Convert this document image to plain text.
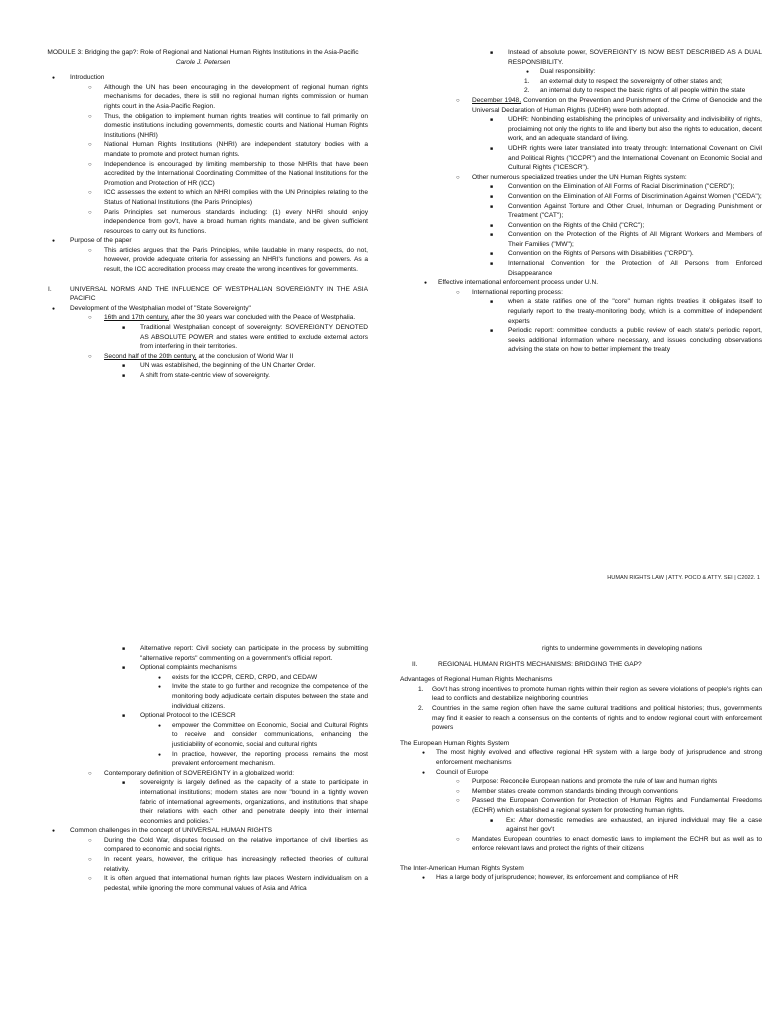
MODULE 3: Bridging the gap?: Role of Regional and National Human Rights Institutions in the Asia-Pacific
Carole J. Petersen
●
Introduction
○
Although the UN has been encouraging in the development of regional human rights mechanisms for decades, there is still no regional human rights commission or human rights court in the Asia-Pacific Region.
○
Thus, the obligation to implement human rights treaties will continue to fall primarily on domestic institutions including governments, domestic courts and National Human Rights Institutions (NHRI)
○
National Human Rights Institutions (NHRI) are independent statutory bodies with a mandate to promote and protect human rights.
○
Independence is encouraged by limiting membership to those NHRIs that have been accredited by the International Coordinating Committee of the National Institutions for the Promotion and Protection of HR (ICC)
○
ICC assesses the extent to which an NHRI complies with the UN Principles relating to the Status of National Institutions (the Paris Principles)
○
Paris Principles set numerous standards including: (1) every NHRI should enjoy independence from gov't, have a broad human rights mandate, and be given sufficient resources to carry out its functions.
●
Purpose of the paper
○
This articles argues that the Paris Principles, while laudable in many respects, do not, however, provide adequate criteria for assessing an NHRI's functions and powers. As a result, the ICC accreditation process may create the wrong incentives for governments.
I.	UNIVERSAL NORMS AND THE INFLUENCE OF WESTPHALIAN SOVEREIGNTY IN THE ASIA PACIFIC
●
Development of the Westphalian model of "State Sovereignty"
○
16th and 17th century, after the 30 years war concluded with the Peace of Westphalia.
■
Traditional Westphalian concept of sovereignty: SOVEREIGNTY DENOTED AS ABSOLUTE POWER and states were entitled to exclude external actors from interfering in their territories.
○
Second half of the 20th century, at the conclusion of World War II
■
UN was established, the beginning of the UN Charter Order.
■
A shift from state-centric view of sovereignty.
■
Instead of absolute power, SOVEREIGNTY IS NOW BEST DESCRIBED AS A DUAL RESPONSIBILITY.
●
Dual responsibility:
1. an external duty to respect the sovereignty of other states and;
2. an internal duty to respect the basic rights of all people within the state
○
December 1948, Convention on the Prevention and Punishment of the Crime of Genocide and the Universal Declaration of Human Rights (UDHR) were both adopted.
■
UDHR: Nonbinding establishing the principles of universality and indivisibility of rights, proclaiming not only the rights to life and liberty but also the rights to education, decent work, and an adequate standard of living.
■
UDHR rights were later translated into treaty through: International Covenant on Civil and Political Rights ("ICCPR") and the International Covenant on Economic Social and Cultural Rights ("ICESCR").
○
Other numerous specialized treaties under the UN Human Rights system:
■
Convention on the Elimination of All Forms of Racial Discrimination ("CERD");
■
Convention on the Elimination of All Forms of Discrimination Against Women ("CEDA");
■
Convention Against Torture and Other Cruel, Inhuman or Degrading Punishment or Treatment ("CAT");
■
Convention on the Rights of the Child ("CRC");
■
Convention on the Protection of the Rights of All Migrant Workers and Members of Their Families ("MW");
■
Convention on the Rights of Persons with Disabilities ("CRPD").
■
International Convention for the Protection of All Persons from Enforced Disappearance
●
Effective international enforcement process under U.N.
○
International reporting process:
■
when a state ratifies one of the "core" human rights treaties it obligates itself to regularly report to the treaty-monitoring body, which is a committee of independent experts
■
Periodic report: committee conducts a public review of each state's periodic report, seeks additional information where necessary, and issues concluding observations advising the state on how to better implement the treaty
HUMAN RIGHTS LAW | ATTY. POCO & ATTY. SEI | C2022. 1
■
Alternative report: Civil society can participate in the process by submitting "alternative reports" commenting on a government's official report.
■
Optional complaints mechanisms
●
exists for the ICCPR, CERD, CRPD, and CEDAW
●
Invite the state to go further and recognize the competence of the monitoring body adjudicate certain disputes between the state and individual citizens.
■
Optional Protocol to the ICESCR
●
empower the Committee on Economic, Social and Cultural Rights to receive and consider communications, enhancing the justiciability of economic, social and cultural rights
●
In practice, however, the reporting process remains the most prevalent enforcement mechanism.
○
Contemporary definition of SOVEREIGNTY in a globalized world:
■
sovereignty is largely defined as the capacity of a state to participate in international institutions; modern states are now "bound in a tightly woven fabric of international agreements, organizations, and institutions that shape their relations with each other and penetrate deeply into their internal economies and policies."
●
Common challenges in the concept of UNIVERSAL HUMAN RIGHTS
○
During the Cold War, disputes focused on the relative importance of civil liberties as compared to economic and social rights.
○
In recent years, however, the critique has increasingly reflected theories of cultural relativity.
○
It is often argued that international human rights law places Western individualism on a pedestal, while ignoring the more communal values of Asia and Africa
rights to undermine governments in developing nations
II.	REGIONAL HUMAN RIGHTS MECHANISMS: BRIDGING THE GAP?
Advantages of Regional Human Rights Mechanisms
1. Gov't has strong incentives to promote human rights within their region as severe violations of people's rights can lead to conflicts and destabilize neighboring countries
2. Countries in the same region often have the same cultural traditions and political histories; thus, governments may find it easier to reach a consensus on the contents of rights and to endow regional court with enforcement powers
The European Human Rights System
●
The most highly evolved and effective regional HR system with a large body of jurisprudence and strong enforcement mechanisms
●
Council of Europe
○
Purpose: Reconcile European nations and promote the rule of law and human rights
○
Member states create common standards binding through conventions
○
Passed the European Convention for Protection of Human Rights and Fundamental Freedoms (ECHR) which established a regional system for protecting human rights.
■
Ex: After domestic remedies are exhausted, an injured individual may file a case against her gov't
○
Mandates European countries to enact domestic laws to implement the ECHR but as well as to enforce relevant laws and protect the rights of their citizens
The Inter-American Human Rights System
●
Has a large body of jurisprudence; however, its enforcement and compliance of HR
